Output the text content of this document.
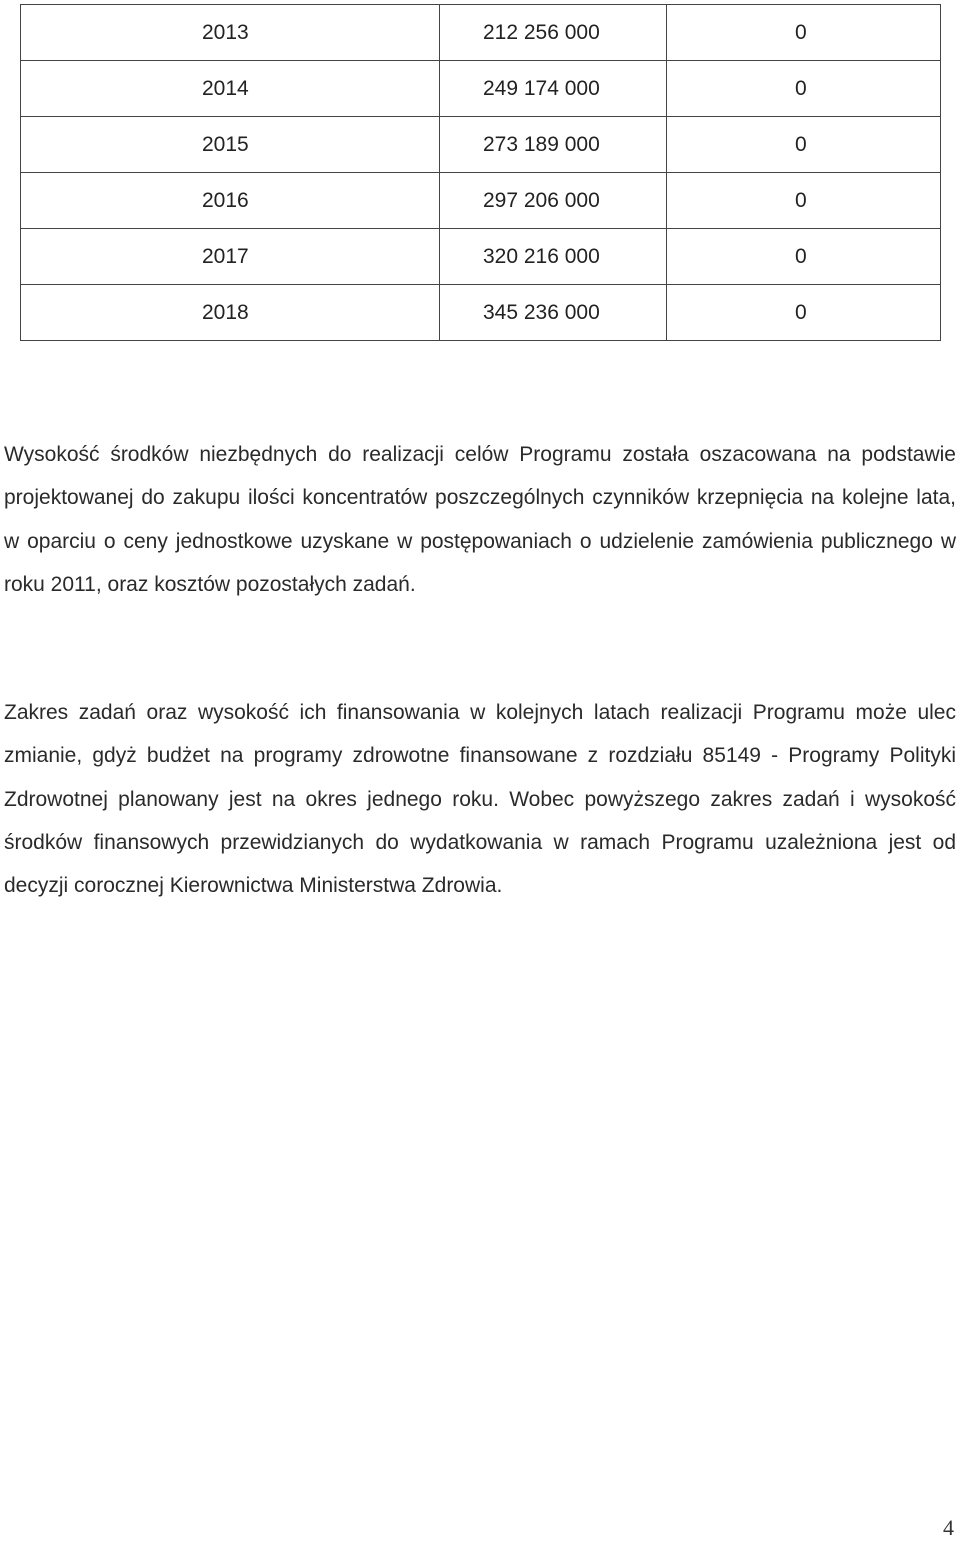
2013	212 256 000	0
2014	249 174 000	0
2015	273 189 000	0
2016	297 206 000	0
2017	320 216 000	0
2018	345 236 000	0

Wysokość środków niezbędnych do realizacji celów Programu została oszacowana na podstawie projektowanej do zakupu ilości koncentratów poszczególnych czynników krzepnięcia na kolejne lata, w oparciu o ceny jednostkowe uzyskane w postępowaniach o udzielenie zamówienia publicznego w roku 2011, oraz kosztów pozostałych zadań.

Zakres zadań oraz wysokość ich finansowania w kolejnych latach realizacji Programu może ulec zmianie, gdyż budżet na programy zdrowotne finansowane z rozdziału 85149 - Programy Polityki Zdrowotnej planowany jest na okres jednego roku. Wobec powyższego zakres zadań i wysokość środków finansowych przewidzianych do wydatkowania w ramach Programu uzależniona jest od decyzji corocznej Kierownictwa Ministerstwa Zdrowia.

4
